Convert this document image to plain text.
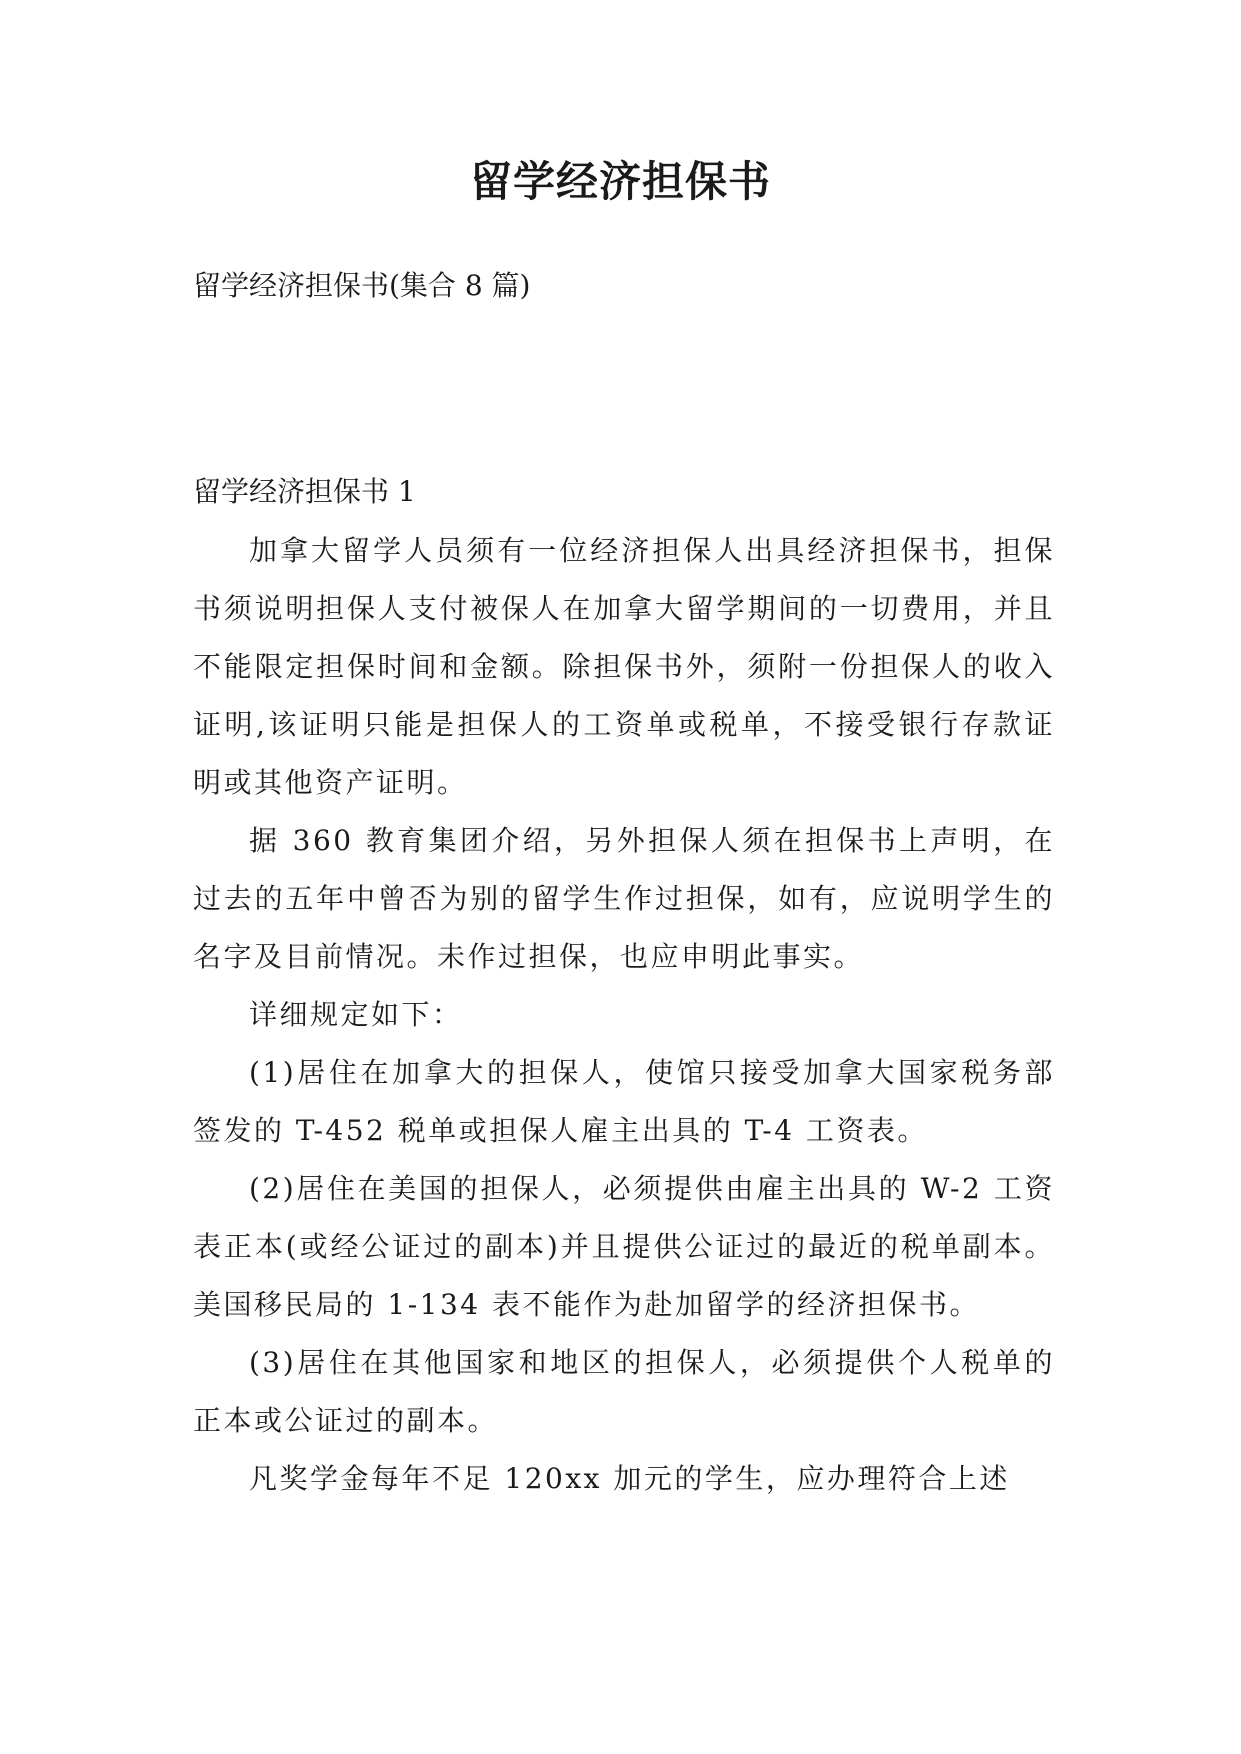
留学经济担保书

留学经济担保书(集合 8 篇)

留学经济担保书 1

加拿大留学人员须有一位经济担保人出具经济担保书，担保书须说明担保人支付被保人在加拿大留学期间的一切费用，并且不能限定担保时间和金额。除担保书外，须附一份担保人的收入证明,该证明只能是担保人的工资单或税单，不接受银行存款证明或其他资产证明。

据 360 教育集团介绍，另外担保人须在担保书上声明，在过去的五年中曾否为别的留学生作过担保，如有，应说明学生的名字及目前情况。未作过担保，也应申明此事实。

详细规定如下：

(1)居住在加拿大的担保人，使馆只接受加拿大国家税务部签发的 T-452 税单或担保人雇主出具的 T-4 工资表。

(2)居住在美国的担保人，必须提供由雇主出具的 W-2 工资表正本(或经公证过的副本)并且提供公证过的最近的税单副本。美国移民局的 1-134 表不能作为赴加留学的经济担保书。

(3)居住在其他国家和地区的担保人，必须提供个人税单的正本或公证过的副本。

凡奖学金每年不足 120xx 加元的学生，应办理符合上述
